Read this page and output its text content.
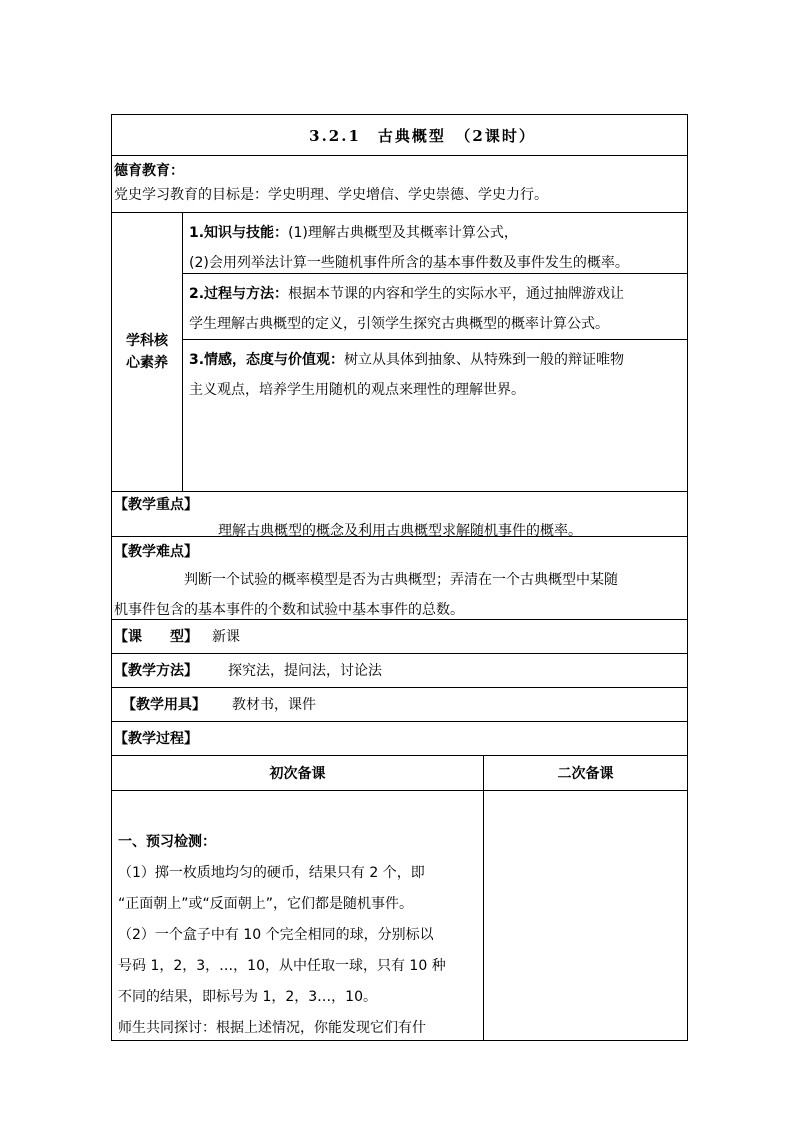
3.2.1　古典概型　（2课时）
德育教育：
党史学习教育的目标是：学史明理、学史增信、学史崇德、学史力行。
学科核
心素养
1.知识与技能：(1)理解古典概型及其概率计算公式，
(2)会用列举法计算一些随机事件所含的基本事件数及事件发生的概率。
2.过程与方法：根据本节课的内容和学生的实际水平，通过抽牌游戏让
学生理解古典概型的定义，引领学生探究古典概型的概率计算公式。
3.情感，态度与价值观：树立从具体到抽象、从特殊到一般的辩证唯物
主义观点，培养学生用随机的观点来理性的理解世界。
【教学重点】
理解古典概型的概念及利用古典概型求解随机事件的概率。
【教学难点】
判断一个试验的概率模型是否为古典概型；弄清在一个古典概型中某随
机事件包含的基本事件的个数和试验中基本事件的总数。
【课　　型】 新课
【教学方法】 探究法，提问法，讨论法
【教学用具】 教材书，课件
【教学过程】
初次备课	二次备课
一、预习检测：
（1）掷一枚质地均匀的硬币，结果只有 2 个，即
“正面朝上”或“反面朝上”，它们都是随机事件。
（2）一个盒子中有 10 个完全相同的球，分别标以
号码 1，2，3，…，10，从中任取一球，只有 10 种
不同的结果，即标号为 1，2，3…，10。
师生共同探讨：根据上述情况，你能发现它们有什
